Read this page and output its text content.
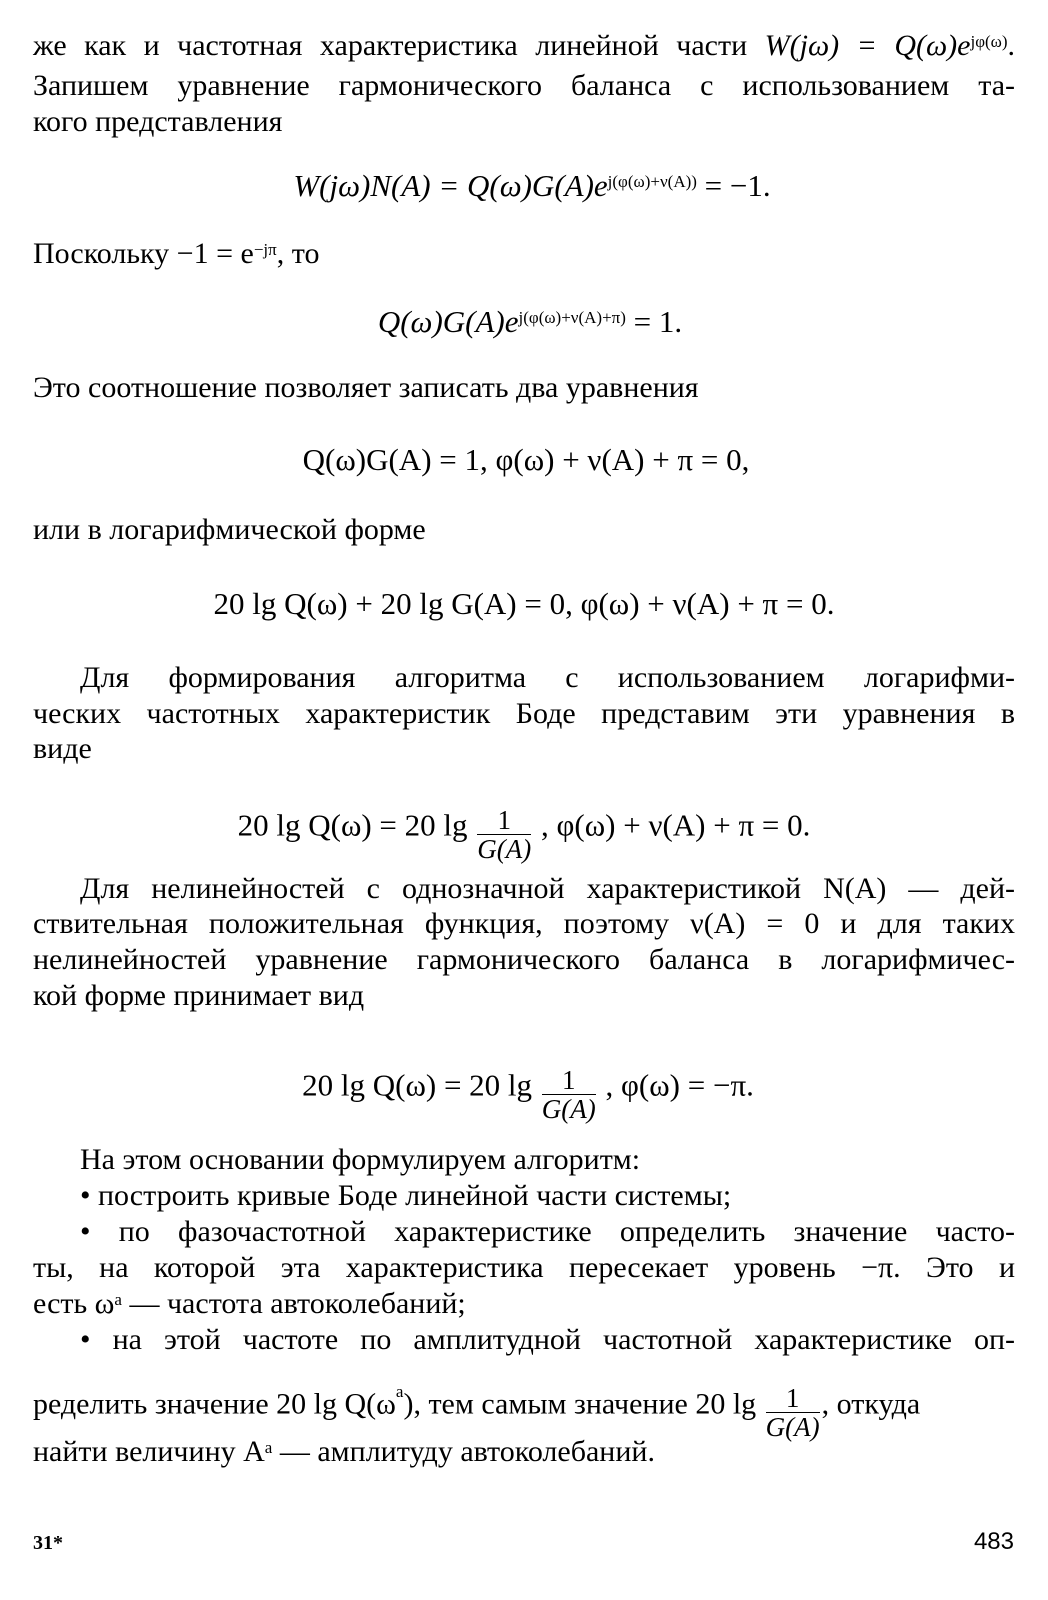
же как и частотная характеристика линейной части $W(j\omega) = Q(\omega)e^{j\varphi(\omega)}$.
Запишем уравнение гармонического баланса с использованием та-
кого представления
$W(j\omega)N(A) = Q(\omega)G(A)e^{j(\varphi(\omega)+\nu(A))} = -1$.
Поскольку $-1 = e^{-j\pi}$, то
$Q(\omega)G(A)e^{j(\varphi(\omega)+\nu(A)+\pi)} = 1$.
Это соотношение позволяет записать два уравнения
Q(ω)G(A) = 1, φ(ω) + ν(A) + π = 0,
или в логарифмической форме
20 lg Q(ω) + 20 lg G(A) = 0, φ(ω) + ν(A) + π = 0.
Для формирования алгоритма с использованием логарифми-
ческих частотных характеристик Боде представим эти уравнения в
виде
20 lg Q(ω) = 20 $\lg \frac{1}{G(A)}$ , φ(ω) + ν(A) + π = 0.
Для нелинейностей с однозначной характеристикой N(A) — дей-
ствительная положительная функция, поэтому ν(A) = 0 и для таких
нелинейностей уравнение гармонического баланса в логарифмичес-
кой форме принимает вид
20 lg Q(ω) = 20 $\lg \frac{1}{G(A)}$ , φ(ω) = −π.
На этом основании формулируем алгоритм:
• построить кривые Боде линейной части системы;
• по фазочастотной характеристике определить значение часто-
ты, на которой эта характеристика пересекает уровень −π. Это и
есть $\omega^а$ — частота автоколебаний;
• на этой частоте по амплитудной частотной характеристике оп-
ределить значение 20 $\lg Q(\omega^а)$, тем самым значение 20 $\lg \frac{1}{G(A)}$ , откуда
найти величину $A^а$ — амплитуду автоколебаний.
31*	483
